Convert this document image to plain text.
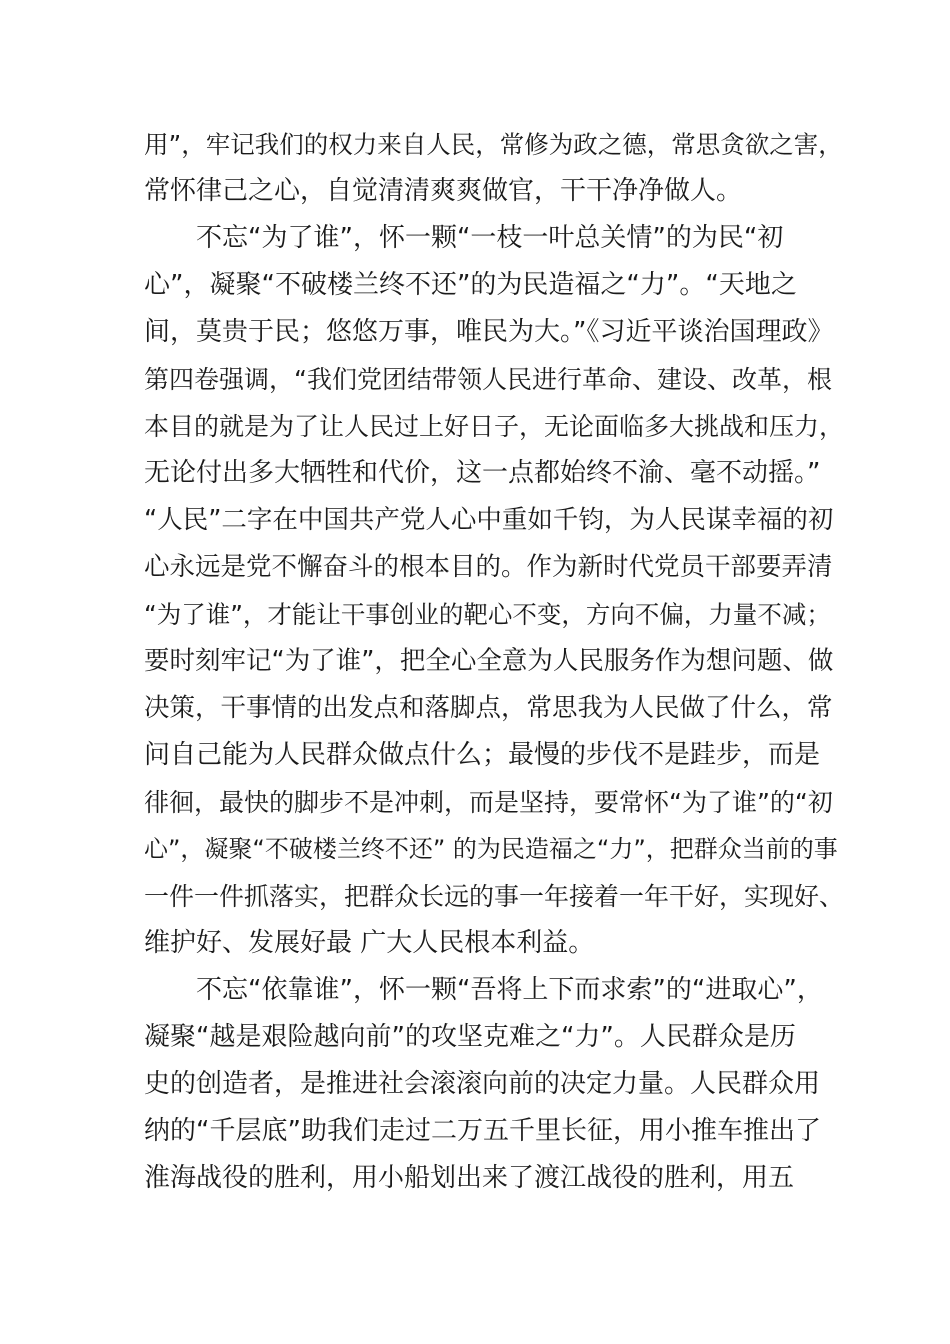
用”，牢记我们的权力来自人民，常修为政之德，常思贪欲之害，
常怀律己之心，自觉清清爽爽做官，干干净净做人。
不忘“为了谁”，怀一颗“一枝一叶总关情”的为民“初
心”，凝聚“不破楼兰终不还”的为民造福之“力”。“天地之
间，莫贵于民；悠悠万事，唯民为大。”《习近平谈治国理政》
第四卷强调，“我们党团结带领人民进行革命、建设、改革，根
本目的就是为了让人民过上好日子，无论面临多大挑战和压力，
无论付出多大牺牲和代价，这一点都始终不渝、毫不动摇。”
“人民”二字在中国共产党人心中重如千钧，为人民谋幸福的初
心永远是党不懈奋斗的根本目的。作为新时代党员干部要弄清
“为了谁”，才能让干事创业的靶心不变，方向不偏，力量不减；
要时刻牢记“为了谁”，把全心全意为人民服务作为想问题、做
决策，干事情的出发点和落脚点，常思我为人民做了什么，常
问自己能为人民群众做点什么；最慢的步伐不是跬步，而是
徘徊，最快的脚步不是冲刺，而是坚持，要常怀“为了谁”的“初
心”，凝聚“不破楼兰终不还” 的为民造福之“力”，把群众当前的事
一件一件抓落实，把群众长远的事一年接着一年干好，实现好、
维护好、发展好最 广大人民根本利益。
不忘“依靠谁”，怀一颗“吾将上下而求索”的“进取心”，
凝聚“越是艰险越向前”的攻坚克难之“力”。人民群众是历
史的创造者，是推进社会滚滚向前的决定力量。人民群众用
纳的“千层底”助我们走过二万五千里长征，用小推车推出了
淮海战役的胜利，用小船划出来了渡江战役的胜利，用五
